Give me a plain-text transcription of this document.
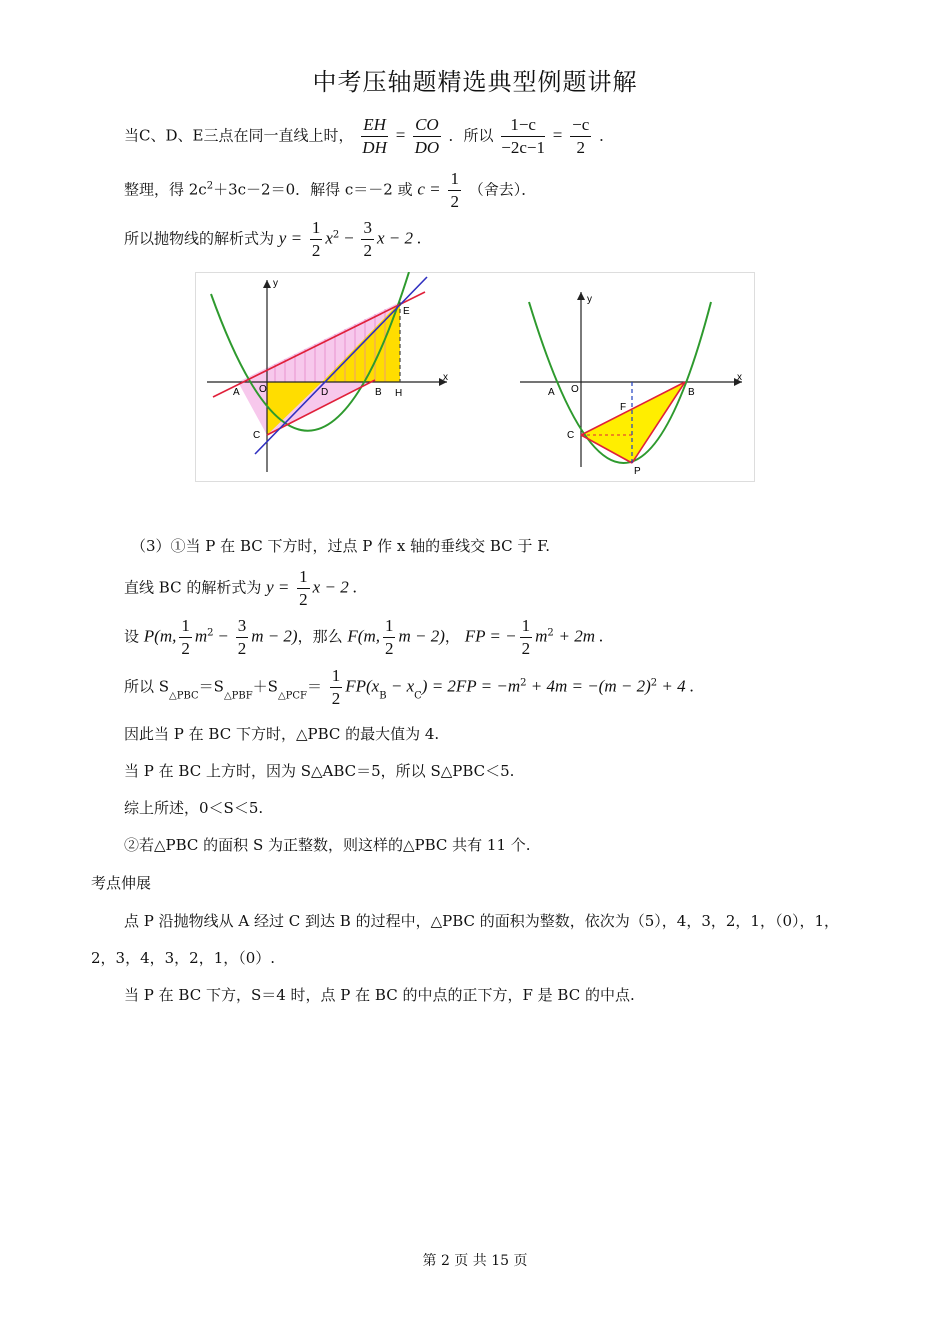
中考压轴题精选典型例题讲解
当C、D、E三点在同一直线上时， $\frac{EH}{DH} = \frac{CO}{DO}$ ．所以 $\frac{1-c}{-2c-1} = \frac{-c}{2}$ ．
整理，得 $2c^2+3c-2=0$．解得 c＝－2 或 $c = \frac{1}{2}$ （舍去）．
所以抛物线的解析式为 $y = \frac{1}{2} x^2 - \frac{3}{2}$ x − 2 .
y
x
O
A	D	B H
E
C
y
x
O
A	B
F
C
P
（3）①当 P 在 BC 下方时，过点 P 作 x 轴的垂线交 BC 于 F.
直线 BC 的解析式为 $y = \frac{1}{2}$ x − 2 .
设 P(m, $\frac{1}{2} m^2 - \frac{3}{2}$ m − 2)，那么 F(m, $\frac{1}{2}$ m − 2)， FP = − $\frac{1}{2} m^2 + 2m$ .
所以 $S_{\triangle PBC}=S_{\triangle PBF}+S_{\triangle PCF}= \frac{1}{2} FP(x_B - x_C) = 2FP = -m^2 + 4m = -(m - 2)^2 + 4$ .
因此当 P 在 BC 下方时，△PBC 的最大值为 4.
当 P 在 BC 上方时，因为 S△ABC＝5，所以 S△PBC＜5.
综上所述，0＜S＜5.
②若△PBC 的面积 S 为正整数，则这样的△PBC 共有 11 个.
考点伸展
点 P 沿抛物线从 A 经过 C 到达 B 的过程中，△PBC 的面积为整数，依次为（5），4，3，2，1，（0），1，
2，3，4，3，2，1，（0）.
当 P 在 BC 下方，S＝4 时，点 P 在 BC 的中点的正下方，F 是 BC 的中点.
第 2 页 共 15 页
